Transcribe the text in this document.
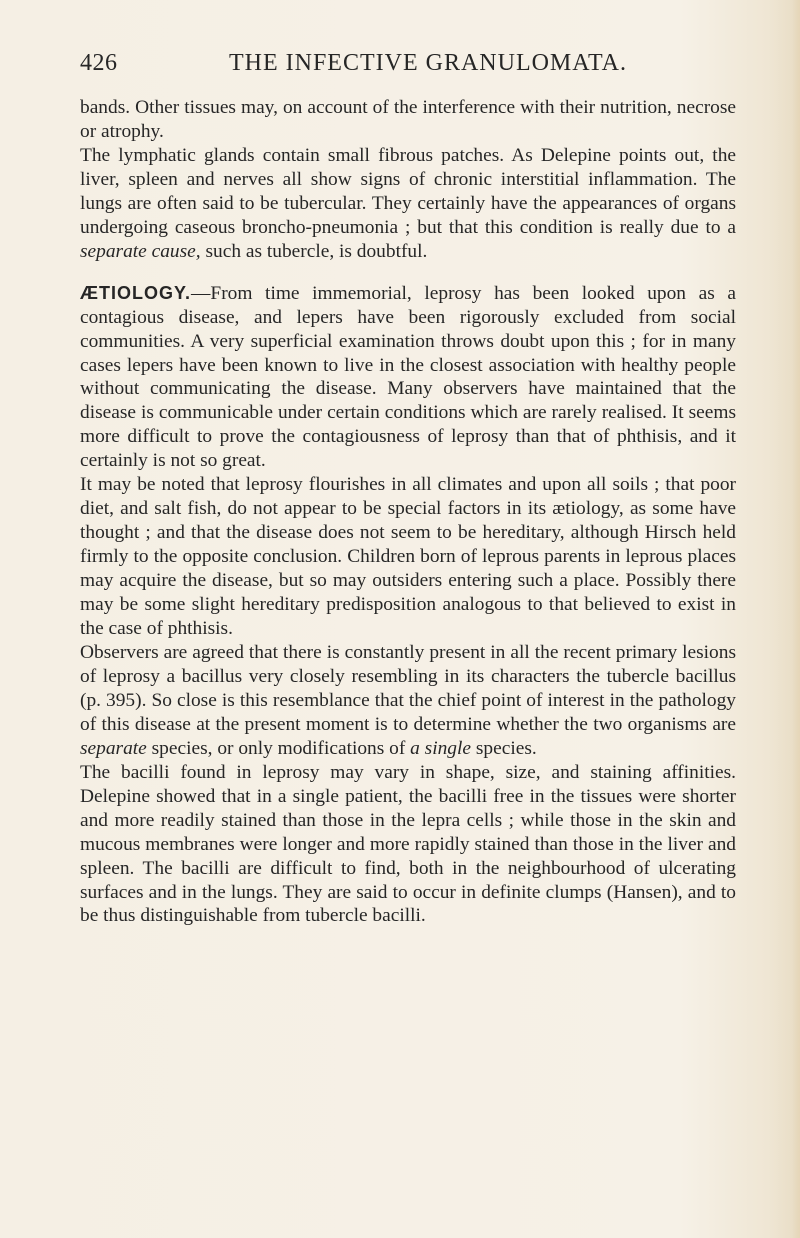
426	THE INFECTIVE GRANULOMATA.

bands. Other tissues may, on account of the interference with their nutrition, necrose or atrophy.

The lymphatic glands contain small fibrous patches. As Delepine points out, the liver, spleen and nerves all show signs of chronic interstitial inflammation. The lungs are often said to be tubercular. They certainly have the appearances of organs undergoing caseous broncho-pneumonia ; but that this condition is really due to a separate cause, such as tubercle, is doubtful.

ÆTIOLOGY.—From time immemorial, leprosy has been looked upon as a contagious disease, and lepers have been rigorously excluded from social communities. A very superficial examination throws doubt upon this ; for in many cases lepers have been known to live in the closest association with healthy people without communicating the disease. Many observers have maintained that the disease is communicable under certain conditions which are rarely realised. It seems more difficult to prove the contagiousness of leprosy than that of phthisis, and it certainly is not so great.

It may be noted that leprosy flourishes in all climates and upon all soils ; that poor diet, and salt fish, do not appear to be special factors in its ætiology, as some have thought ; and that the disease does not seem to be hereditary, although Hirsch held firmly to the opposite conclusion. Children born of leprous parents in leprous places may acquire the disease, but so may outsiders entering such a place. Possibly there may be some slight hereditary predisposition analogous to that believed to exist in the case of phthisis.

Observers are agreed that there is constantly present in all the recent primary lesions of leprosy a bacillus very closely resembling in its characters the tubercle bacillus (p. 395). So close is this resemblance that the chief point of interest in the pathology of this disease at the present moment is to determine whether the two organisms are separate species, or only modifications of a single species.

The bacilli found in leprosy may vary in shape, size, and staining affinities. Delepine showed that in a single patient, the bacilli free in the tissues were shorter and more readily stained than those in the lepra cells ; while those in the skin and mucous membranes were longer and more rapidly stained than those in the liver and spleen. The bacilli are difficult to find, both in the neighbourhood of ulcerating surfaces and in the lungs. They are said to occur in definite clumps (Hansen), and to be thus distinguishable from tubercle bacilli.
